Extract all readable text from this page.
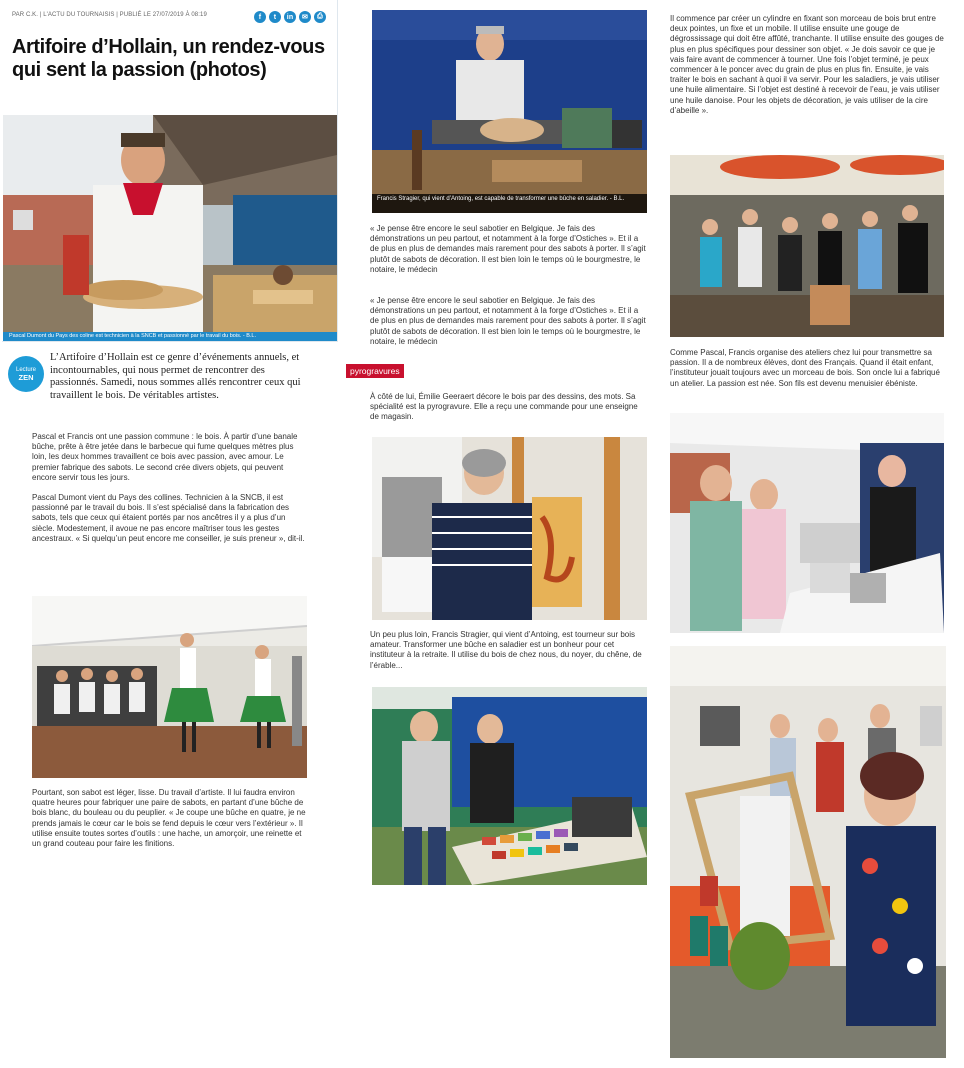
PAR C.K. | L'ACTU DU TOURNAISIS | PUBLIÉ LE 27/07/2019 À 08:19	f	t	in	✉	⎙
Artifoire d’Hollain, un rendez-vous qui sent la passion (photos)
Pascal Dumont du Pays des coline est technicien à la SNCB et passionné par le travail du bois. - B.L.
Lecture
ZEN
L’Artifoire d’Hollain est ce genre d’événements annuels, et incontournables, qui nous permet de rencontrer des passionnés. Samedi, nous sommes allés rencontrer ceux qui travaillent le bois. De véritables artistes.

Pascal et Francis ont une passion commune : le bois. À partir d’une banale bûche, prête à être jetée dans le barbecue qui fume quelques mètres plus loin, les deux hommes travaillent ce bois avec passion, avec amour. Le premier fabrique des sabots. Le second crée divers objets, qui peuvent encore servir tous les jours.

Pascal Dumont vient du Pays des collines. Technicien à la SNCB, il est passionné par le travail du bois. Il s’est spécialisé dans la fabrication des sabots, tels que ceux qui étaient portés par nos ancêtres il y a plus d’un siècle. Modestement, il avoue ne pas encore maîtriser tous les gestes ancestraux. « Si quelqu’un peut encore me conseiller, je suis preneur », dit-il.

Pourtant, son sabot est léger, lisse. Du travail d’artiste. Il lui faudra environ quatre heures pour fabriquer une paire de sabots, en partant d’une bûche de bois blanc, du bouleau ou du peuplier. « Je coupe une bûche en quatre, je ne prends jamais le cœur car le bois se fend depuis le cœur vers l’extérieur ». Il utilise ensuite toutes sortes d’outils : une hache, un amorçoir, une reinette et un grand couteau pour faire les finitions.

Francis Stragier, qui vient d’Antoing, est capable de transformer une bûche en saladier. - B.L.
« Je pense être encore le seul sabotier en Belgique. Je fais des démonstrations un peu partout, et notamment à la forge d’Ostiches ». Et il a de plus en plus de demandes mais rarement pour des sabots à porter. Il s’agit plutôt de sabots de décoration. Il est bien loin le temps où le bourgmestre, le notaire, le médecin
« Je pense être encore le seul sabotier en Belgique. Je fais des démonstrations un peu partout, et notamment à la forge d’Ostiches ». Et il a de plus en plus de demandes mais rarement pour des sabots à porter. Il s’agit plutôt de sabots de décoration. Il est bien loin le temps où le bourgmestre, le notaire, le médecin
pyrogravures

À côté de lui, Émilie Geeraert décore le bois par des dessins, des mots. Sa spécialité est la pyrogravure. Elle a reçu une commande pour une enseigne de magasin.

Un peu plus loin, Francis Stragier, qui vient d’Antoing, est tourneur sur bois amateur. Transformer une bûche en saladier est un bonheur pour cet instituteur à la retraite. Il utilise du bois de chez nous, du noyer, du chêne, de l’érable...

Il commence par créer un cylindre en fixant son morceau de bois brut entre deux pointes, un fixe et un mobile. Il utilise ensuite une gouge de dégrossissage qui doit être affûté, tranchante. Il utilise ensuite des gouges de plus en plus spécifiques pour dessiner son objet. « Je dois savoir ce que je vais faire avant de commencer à tourner. Une fois l’objet terminé, je peux commencer à le poncer avec du grain de plus en plus fin. Ensuite, je vais traiter le bois en sachant à quoi il va servir. Pour les saladiers, je vais utiliser une huile alimentaire. Si l’objet est destiné à recevoir de l’eau, je vais utiliser une huile danoise. Pour les objets de décoration, je vais utiliser de la cire d’abeille ».

Comme Pascal, Francis organise des ateliers chez lui pour transmettre sa passion. Il a de nombreux élèves, dont des Français. Quand il était enfant, l’instituteur jouait toujours avec un morceau de bois. Son oncle lui a fabriqué un atelier. La passion est née. Son fils est devenu menuisier ébéniste.
